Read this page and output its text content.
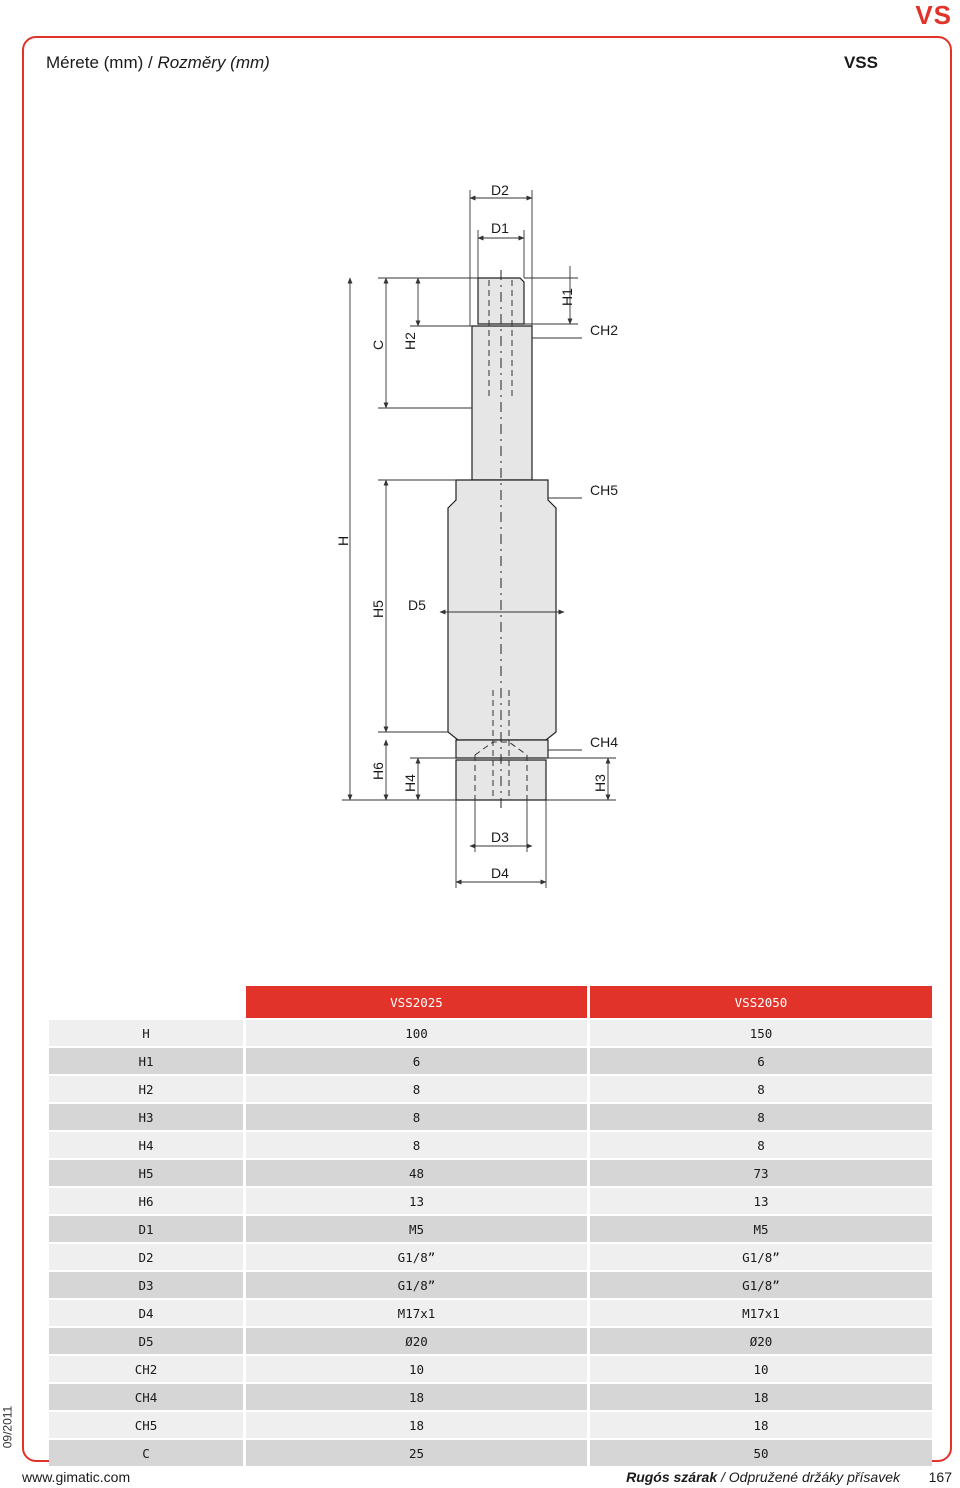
VS
Mérete (mm) / Rozměry (mm)	VSS
D2
D1
H1
CH2
C H2
CH5
H
H5 D5
CH4
H6
H4	H3
D3
D4
	VSS2025	VSS2050
H	100	150
H1	6	6
H2	8	8
H3	8	8
H4	8	8
H5	48	73
H6	13	13
D1	M5	M5
D2	G1/8”	G1/8”
D3	G1/8”	G1/8”
D4	M17x1	M17x1
D5	Ø20	Ø20
CH2	10	10
CH4	18	18
CH5	18	18
C	25	50
09/2011
www.gimatic.com	Rugós szárak / Odpružené držáky přísavek 167
